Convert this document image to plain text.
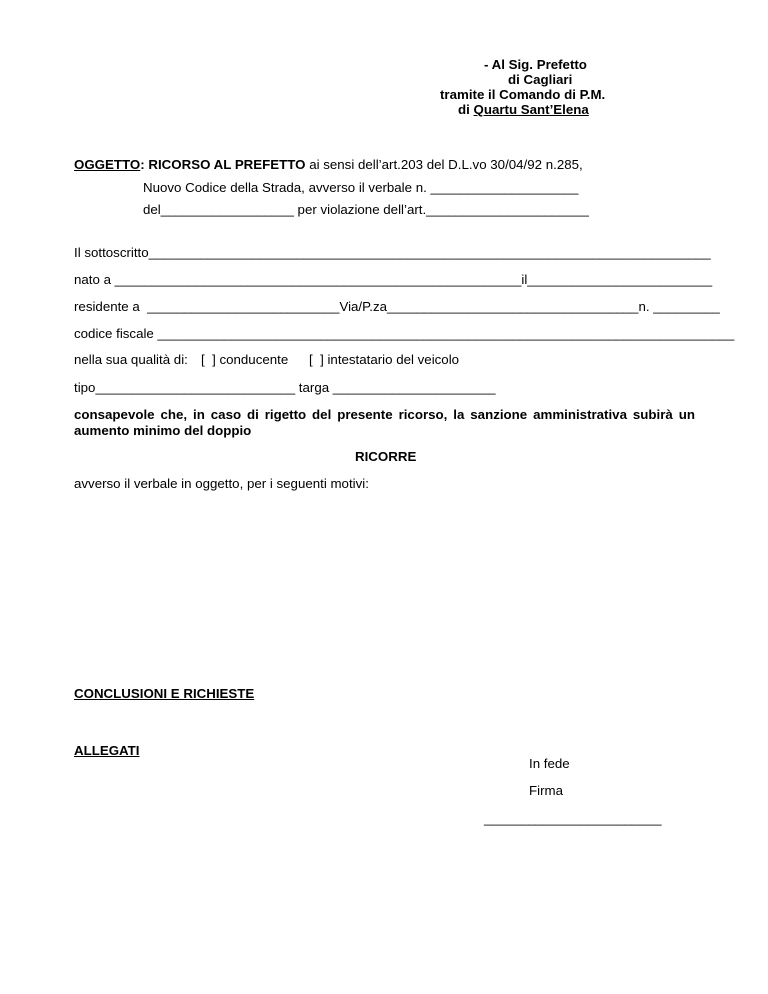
- Al Sig. Prefetto
di Cagliari
tramite il Comando di P.M.
di Quartu Sant’Elena
OGGETTO: RICORSO AL PREFETTO ai sensi dell’art.203 del D.L.vo 30/04/92 n.285,
Nuovo Codice della Strada, avverso il verbale n. ____________________
del__________________ per violazione dell’art.______________________
Il sottoscritto____________________________________________________________________________
nato a _______________________________________________________il_________________________
residente a  __________________________Via/P.za__________________________________n. _________
codice fiscale ______________________________________________________________________________
nella sua qualità di: [  ] conducente [  ] intestatario del veicolo
tipo___________________________ targa ______________________
consapevole che, in caso di rigetto del presente ricorso, la sanzione amministrativa subirà un aumento minimo del doppio
RICORRE
avverso il verbale in oggetto, per i seguenti motivi:
CONCLUSIONI E RICHIESTE
ALLEGATI
In fede
Firma
________________________
